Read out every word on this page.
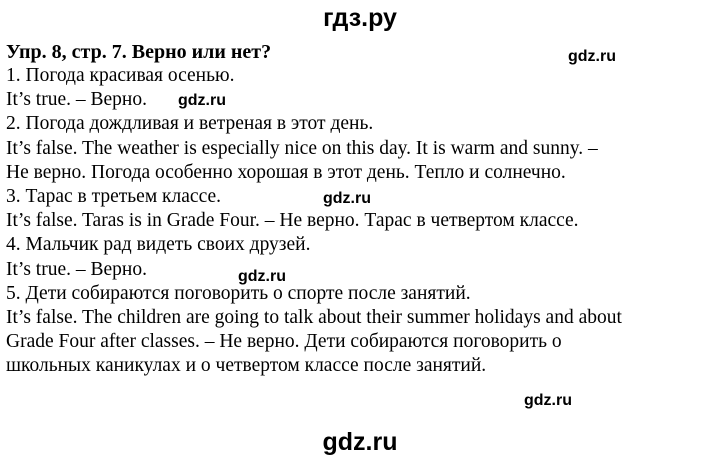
гдз.ру

Упр. 8, стр. 7. Верно или нет?

1. Погода красивая осенью.

It’s true. – Верно.

2. Погода дождливая и ветреная в этот день.

It’s false. The weather is especially nice on this day. It is warm and sunny. –

Не верно. Погода особенно хорошая в этот день. Тепло и солнечно.

3. Тарас в третьем классе.

It’s false. Taras is in Grade Four. – Не верно. Тарас в четвертом классе.

4. Мальчик рад видеть своих друзей.

It’s true. – Верно.

5. Дети собираются поговорить о спорте после занятий.

It’s false. The children are going to talk about their summer holidays and about

Grade Four after classes. – Не верно. Дети собираются поговорить о

школьных каникулах и о четвертом классе после занятий.

gdz.ru
gdz.ru
gdz.ru
gdz.ru
gdz.ru
gdz.ru
